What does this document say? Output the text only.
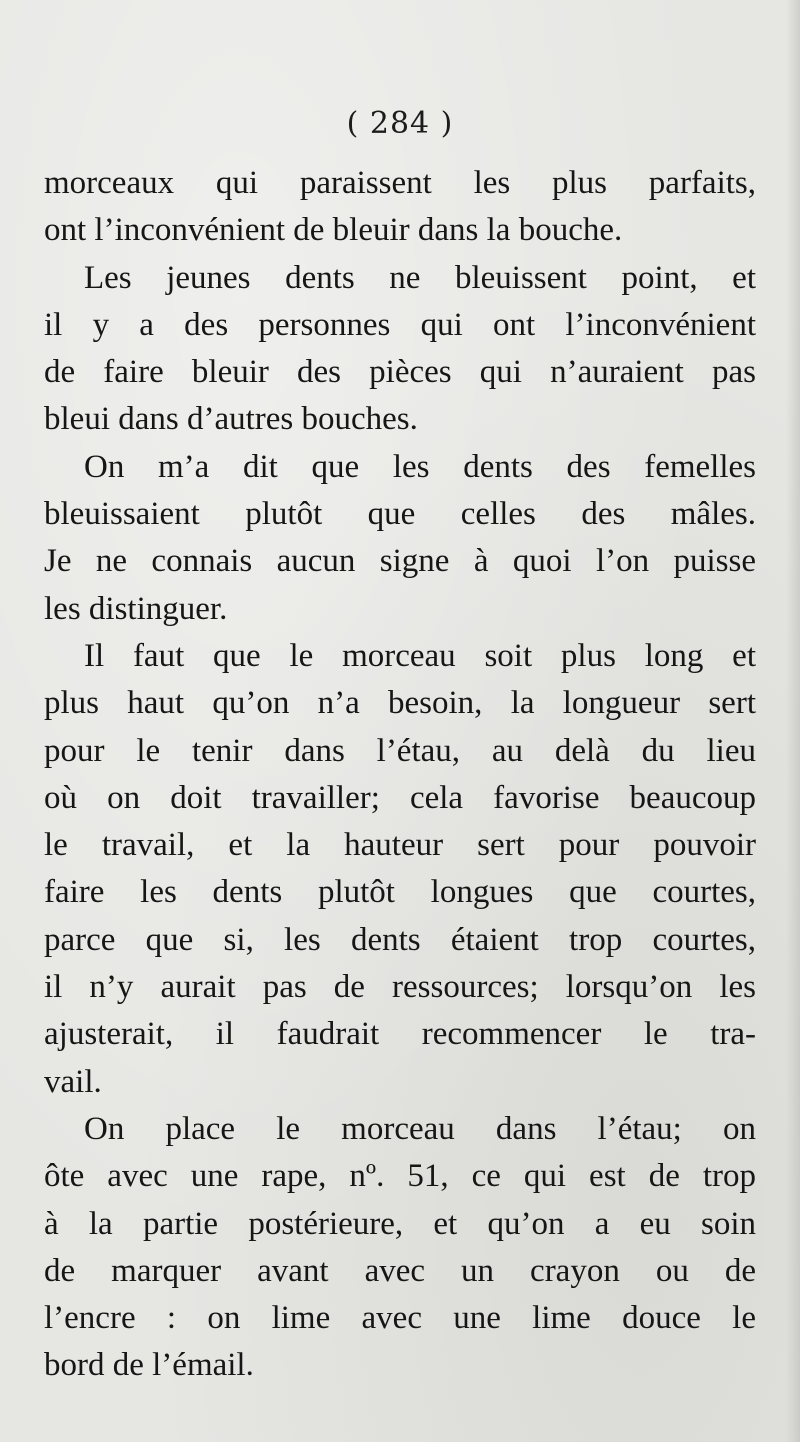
( 284 )

morceaux qui paraissent les plus parfaits,
ont l’inconvénient de bleuir dans la bouche.
Les jeunes dents ne bleuissent point, et
il y a des personnes qui ont l’inconvénient
de faire bleuir des pièces qui n’auraient pas
bleui dans d’autres bouches.
On m’a dit que les dents des femelles
bleuissaient plutôt que celles des mâles.
Je ne connais aucun signe à quoi l’on puisse
les distinguer.
Il faut que le morceau soit plus long et
plus haut qu’on n’a besoin, la longueur sert
pour le tenir dans l’étau, au delà du lieu
où on doit travailler; cela favorise beaucoup
le travail, et la hauteur sert pour pouvoir
faire les dents plutôt longues que courtes,
parce que si, les dents étaient trop courtes,
il n’y aurait pas de ressources; lorsqu’on les
ajusterait, il faudrait recommencer le tra-
vail.
On place le morceau dans l’étau; on
ôte avec une rape, nº. 51, ce qui est de trop
à la partie postérieure, et qu’on a eu soin
de marquer avant avec un crayon ou de
l’encre : on lime avec une lime douce le
bord de l’émail.
